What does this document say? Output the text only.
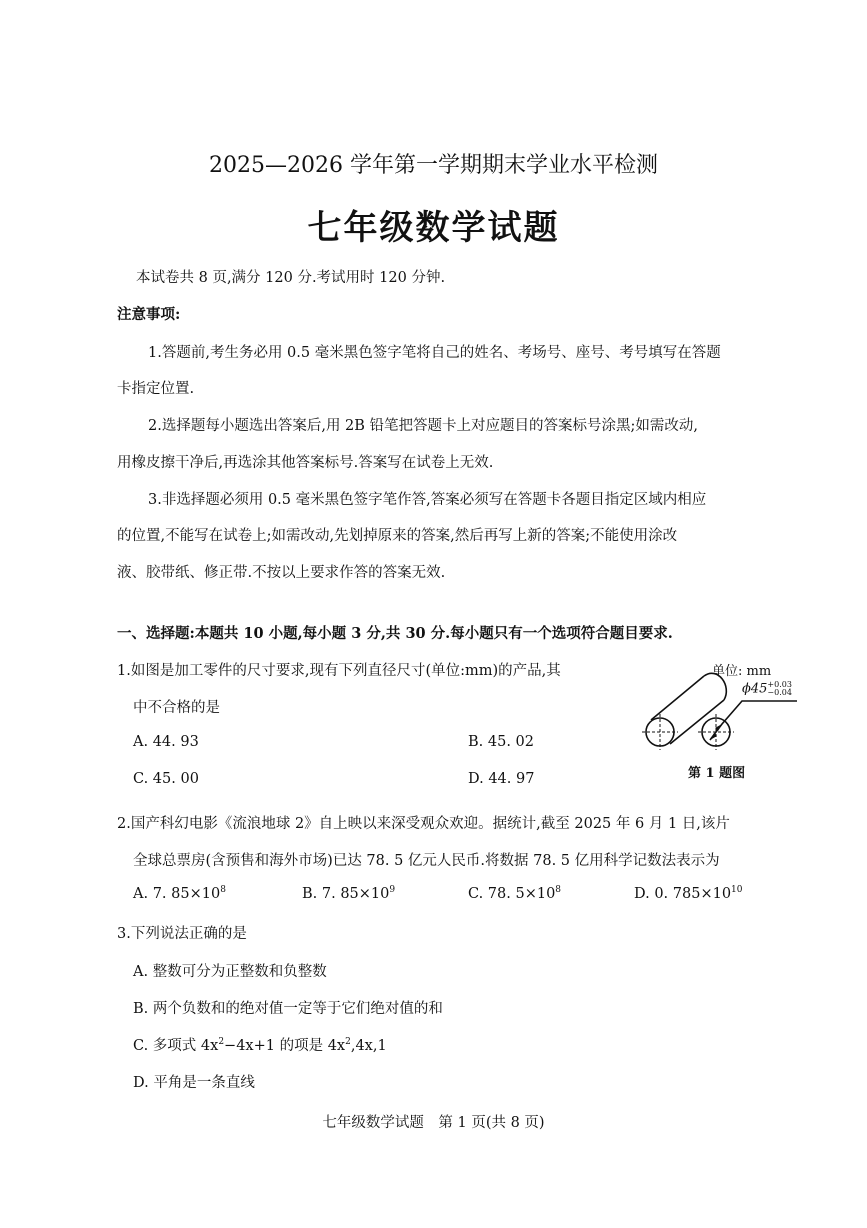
2025—2026 学年第一学期期末学业水平检测
七年级数学试题
本试卷共 8 页,满分 120 分.考试用时 120 分钟.
注意事项:
1.答题前,考生务必用 0.5 毫米黑色签字笔将自己的姓名、考场号、座号、考号填写在答题
卡指定位置.
2.选择题每小题选出答案后,用 2B 铅笔把答题卡上对应题目的答案标号涂黑;如需改动,
用橡皮擦干净后,再选涂其他答案标号.答案写在试卷上无效.
3.非选择题必须用 0.5 毫米黑色签字笔作答,答案必须写在答题卡各题目指定区域内相应
的位置,不能写在试卷上;如需改动,先划掉原来的答案,然后再写上新的答案;不能使用涂改
液、胶带纸、修正带.不按以上要求作答的答案无效.
一、选择题:本题共 10 小题,每小题 3 分,共 30 分.每小题只有一个选项符合题目要求.
1.如图是加工零件的尺寸要求,现有下列直径尺寸(单位:mm)的产品,其
中不合格的是
A. 44. 93	B. 45. 02
C. 45. 00	D. 44. 97
单位: mm
ϕ45+0.03
−0.04
第 1 题图
2.国产科幻电影《流浪地球 2》自上映以来深受观众欢迎。据统计,截至 2025 年 6 月 1 日,该片
全球总票房(含预售和海外市场)已达 78. 5 亿元人民币.将数据 78. 5 亿用科学记数法表示为
A. 7. $85\times 10^8$	B. 7. $85\times 10^9$	C. 78. $5\times 10^8$	D. 0. $785\times 10^{10}$
3.下列说法正确的是
A. 整数可分为正整数和负整数
B. 两个负数和的绝对值一定等于它们绝对值的和
C. 多项式 $4x^2-4x+1$ 的项是 $4x^2,4x,1$
D. 平角是一条直线
七年级数学试题　第 1 页(共 8 页)
